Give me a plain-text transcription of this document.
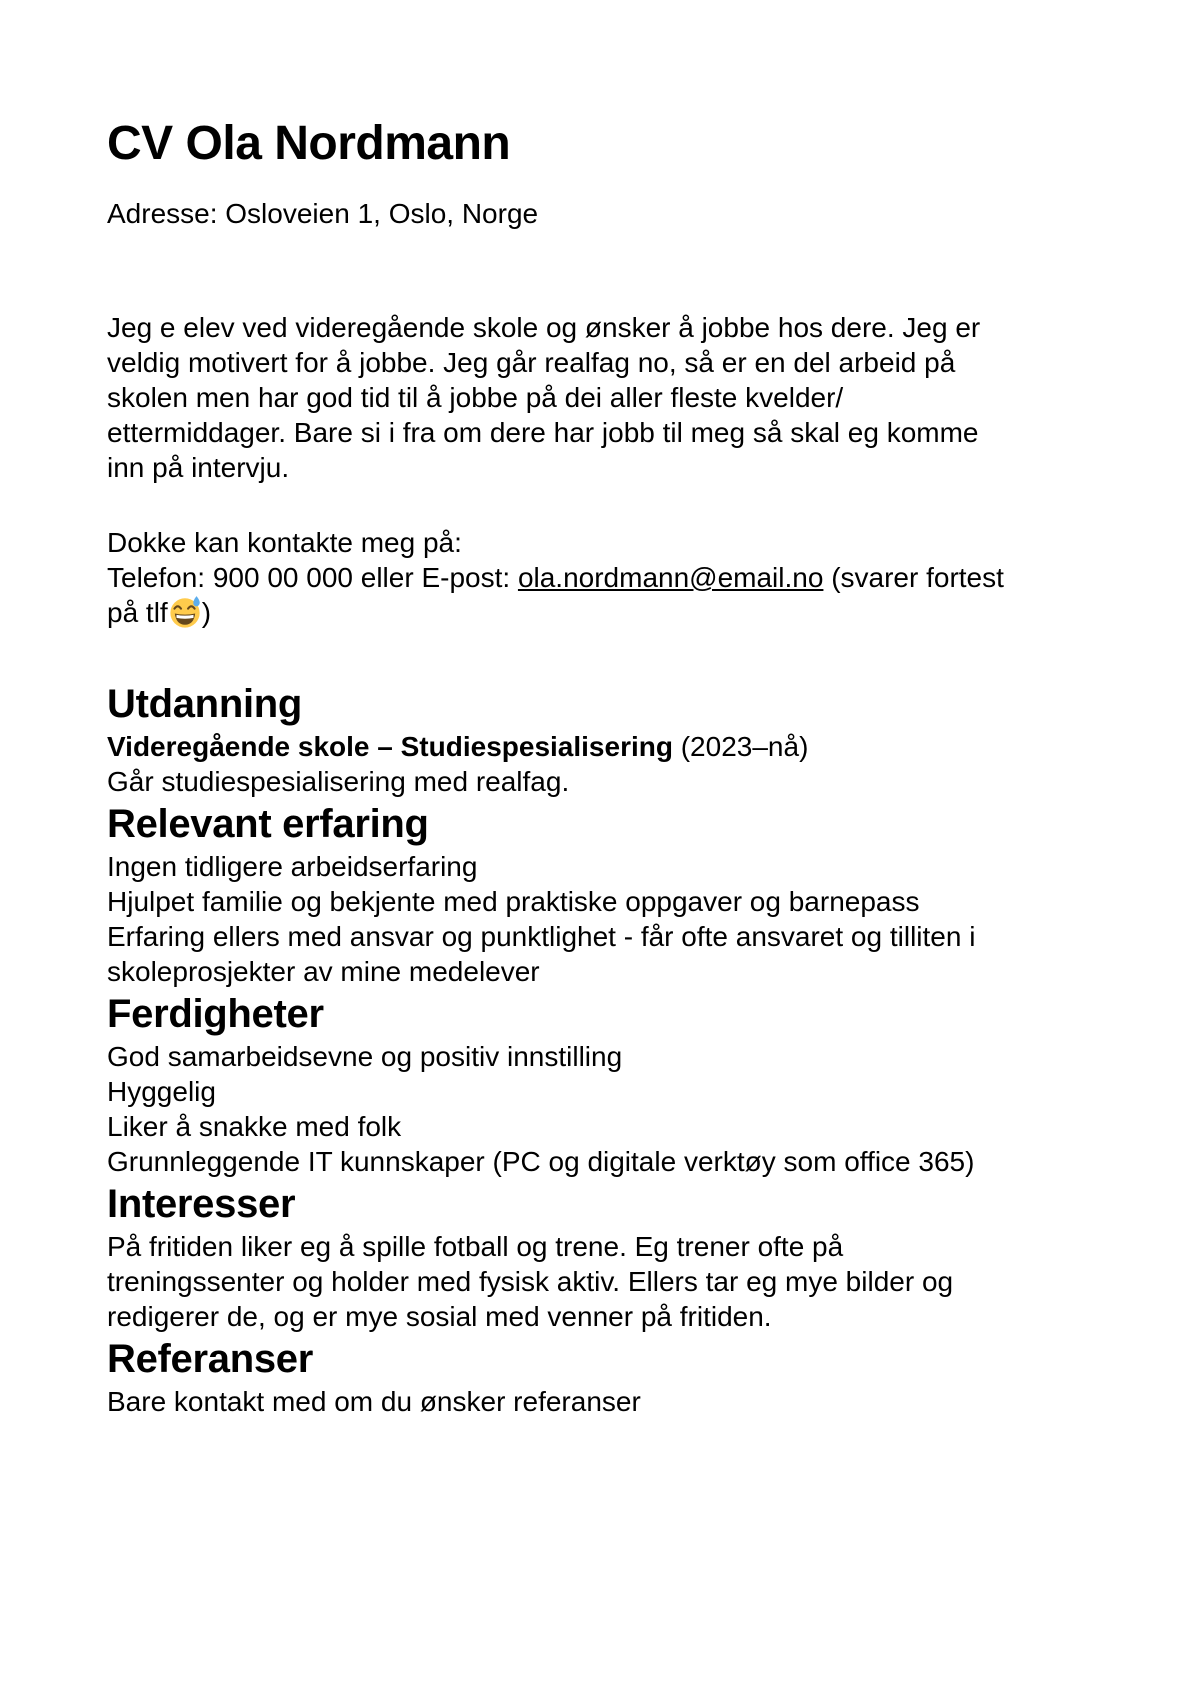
CV Ola Nordmann
Adresse: Osloveien 1, Oslo, Norge
Jeg e elev ved videregående skole og ønsker å jobbe hos dere. Jeg er
veldig motivert for å jobbe. Jeg går realfag no, så er en del arbeid på
skolen men har god tid til å jobbe på dei aller fleste kvelder/
ettermiddager. Bare si i fra om dere har jobb til meg så skal eg komme
inn på intervju.
Dokke kan kontakte meg på:
Telefon: 900 00 000 eller E-post: ola.nordmann@email.no (svarer fortest
på tlf )
Utdanning
Videregående skole – Studiespesialisering (2023–nå)
Går studiespesialisering med realfag.
Relevant erfaring
Ingen tidligere arbeidserfaring
Hjulpet familie og bekjente med praktiske oppgaver og barnepass
Erfaring ellers med ansvar og punktlighet - får ofte ansvaret og tilliten i
skoleprosjekter av mine medelever
Ferdigheter
God samarbeidsevne og positiv innstilling
Hyggelig
Liker å snakke med folk
Grunnleggende IT kunnskaper (PC og digitale verktøy som office 365)
Interesser
På fritiden liker eg å spille fotball og trene. Eg trener ofte på
treningssenter og holder med fysisk aktiv. Ellers tar eg mye bilder og
redigerer de, og er mye sosial med venner på fritiden.
Referanser
Bare kontakt med om du ønsker referanser
